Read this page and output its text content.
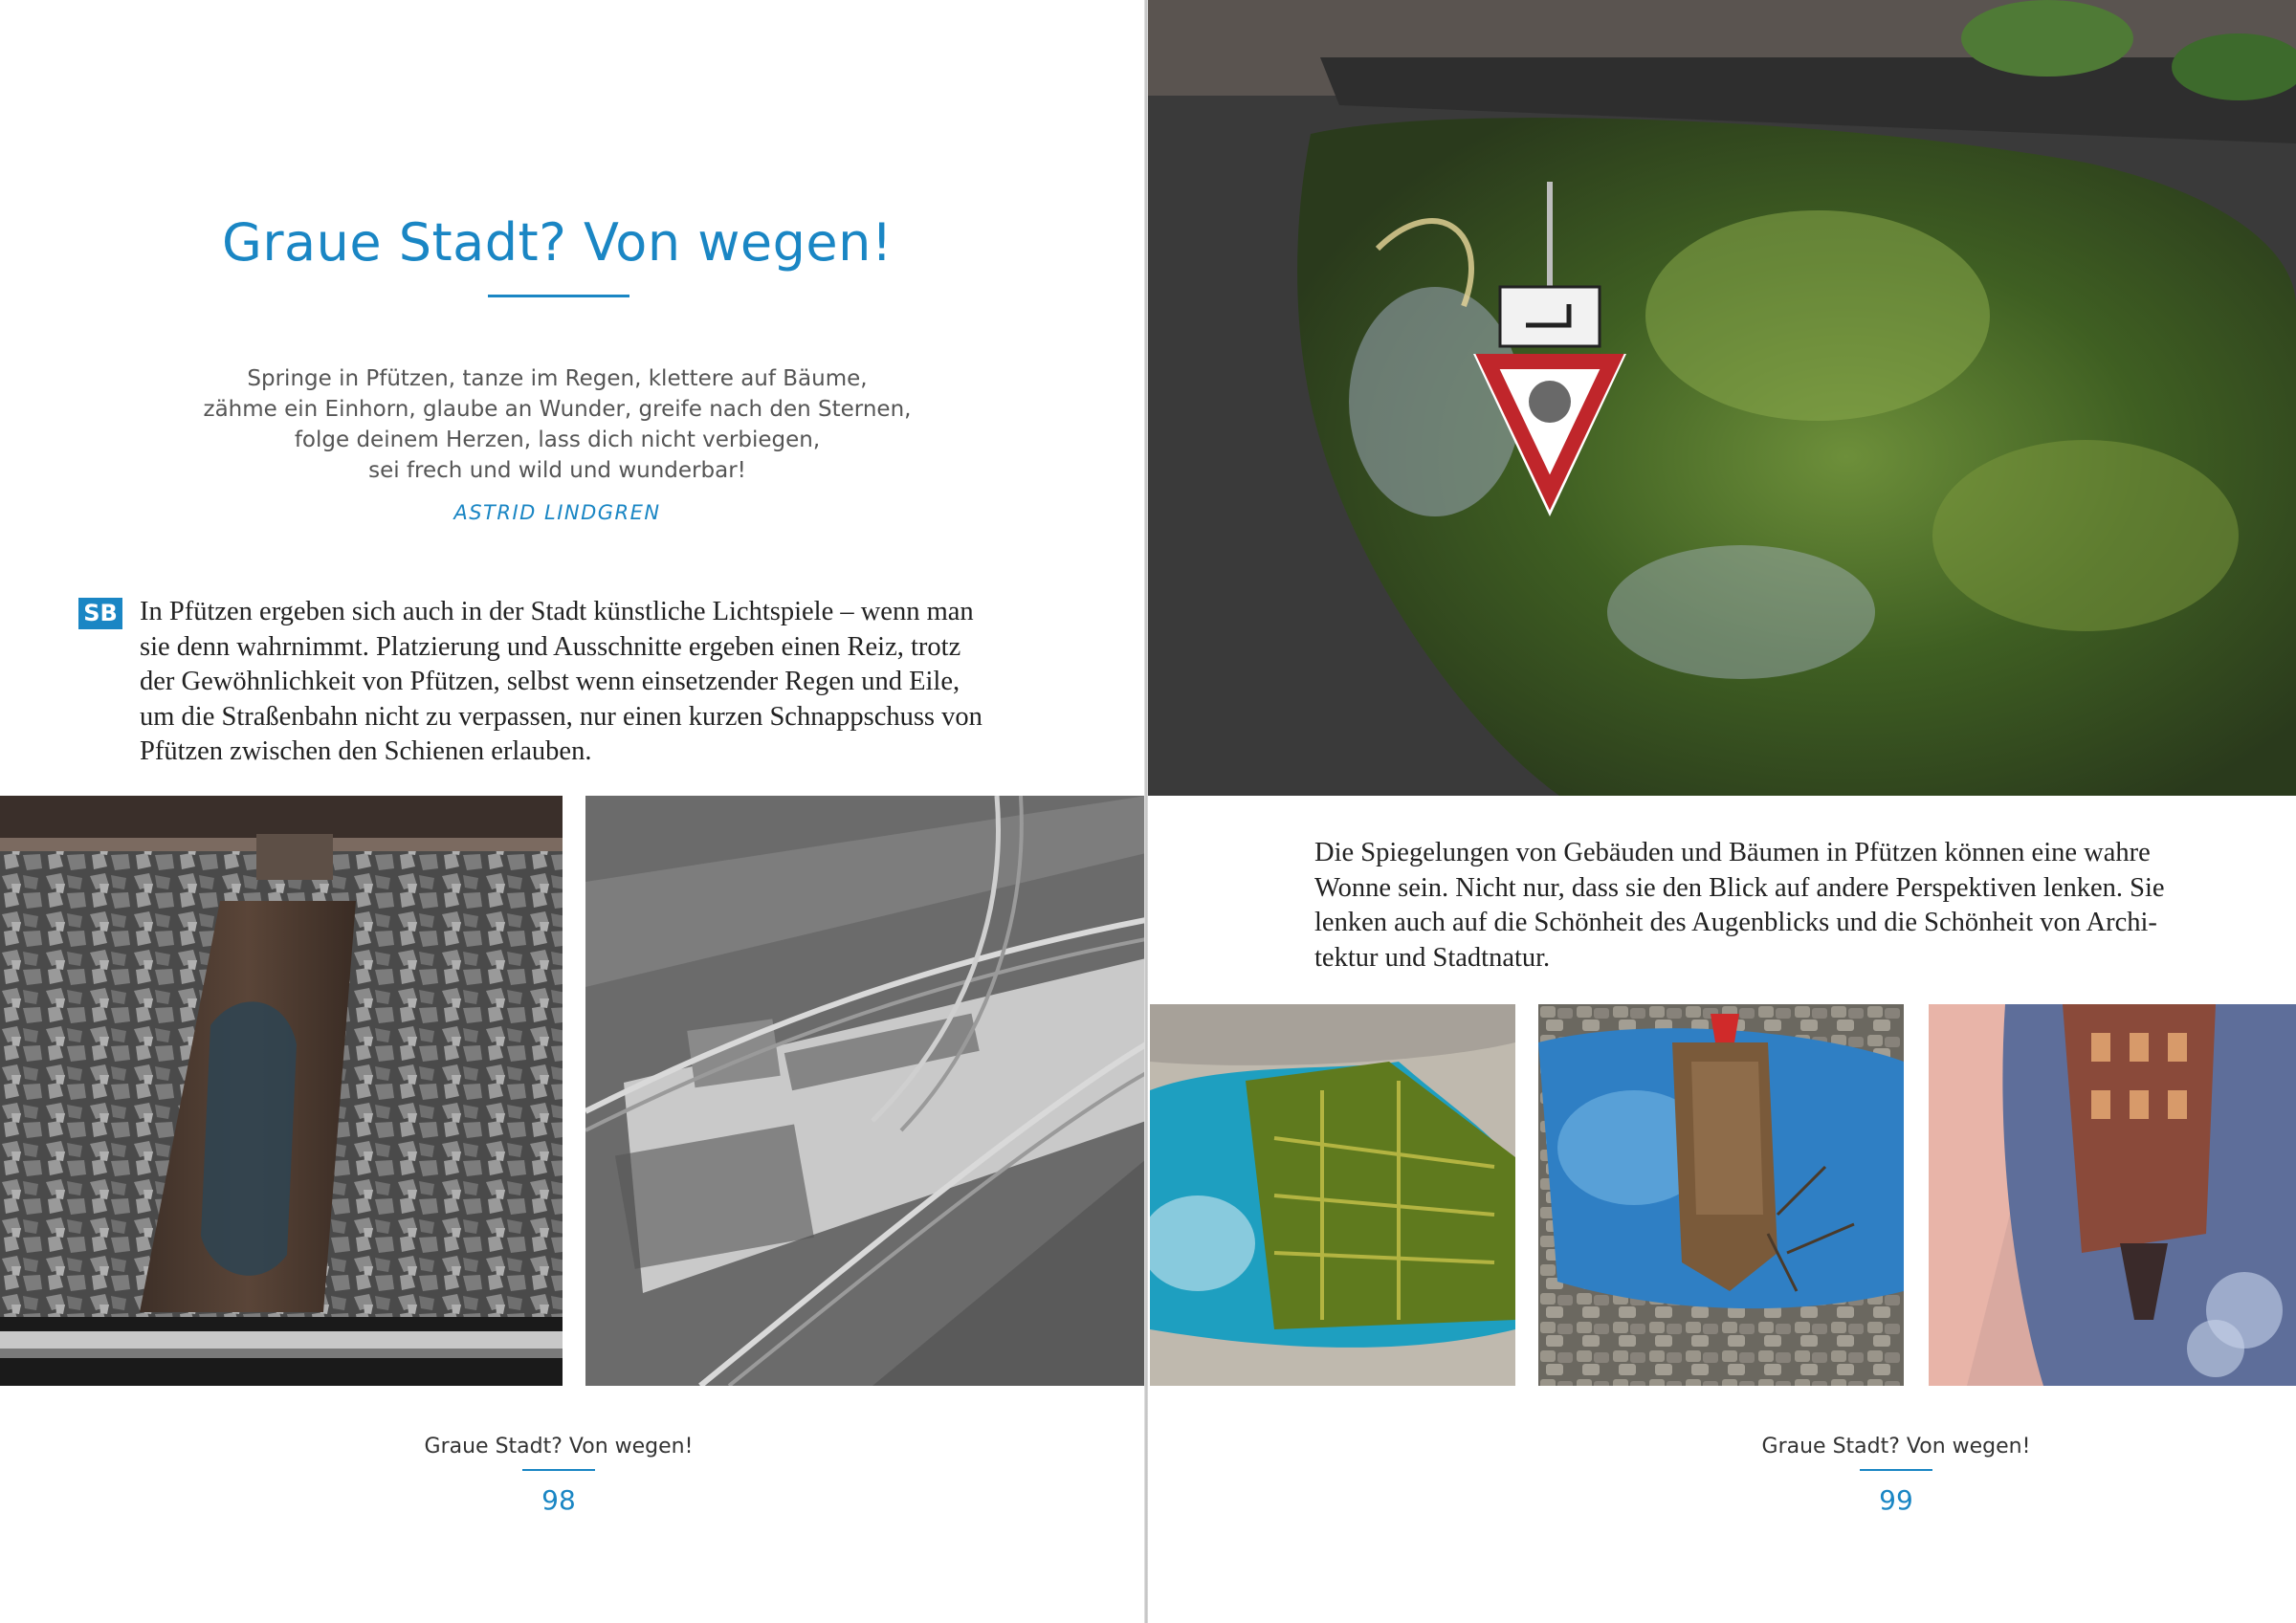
Graue Stadt? Von wegen!
Springe in Pfützen, tanze im Regen, klettere auf Bäume,
zähme ein Einhorn, glaube an Wunder, greife nach den Sternen,
folge deinem Herzen, lass dich nicht verbiegen,
sei frech und wild und wunderbar!
ASTRID LINDGREN
SB In Pfützen ergeben sich auch in der Stadt künstliche Lichtspiele – wenn man
sie denn wahrnimmt. Platzierung und Ausschnitte ergeben einen Reiz, trotz
der Gewöhnlichkeit von Pfützen, selbst wenn einsetzender Regen und Eile,
um die Straßenbahn nicht zu verpassen, nur einen kurzen Schnappschuss von
Pfützen zwischen den Schienen erlauben.
Graue Stadt? Von wegen!
98
Die Spiegelungen von Gebäuden und Bäumen in Pfützen können eine wahre
Wonne sein. Nicht nur, dass sie den Blick auf andere Perspektiven lenken. Sie
lenken auch auf die Schönheit des Augenblicks und die Schönheit von Archi-
tektur und Stadtnatur.
Graue Stadt? Von wegen!
99
